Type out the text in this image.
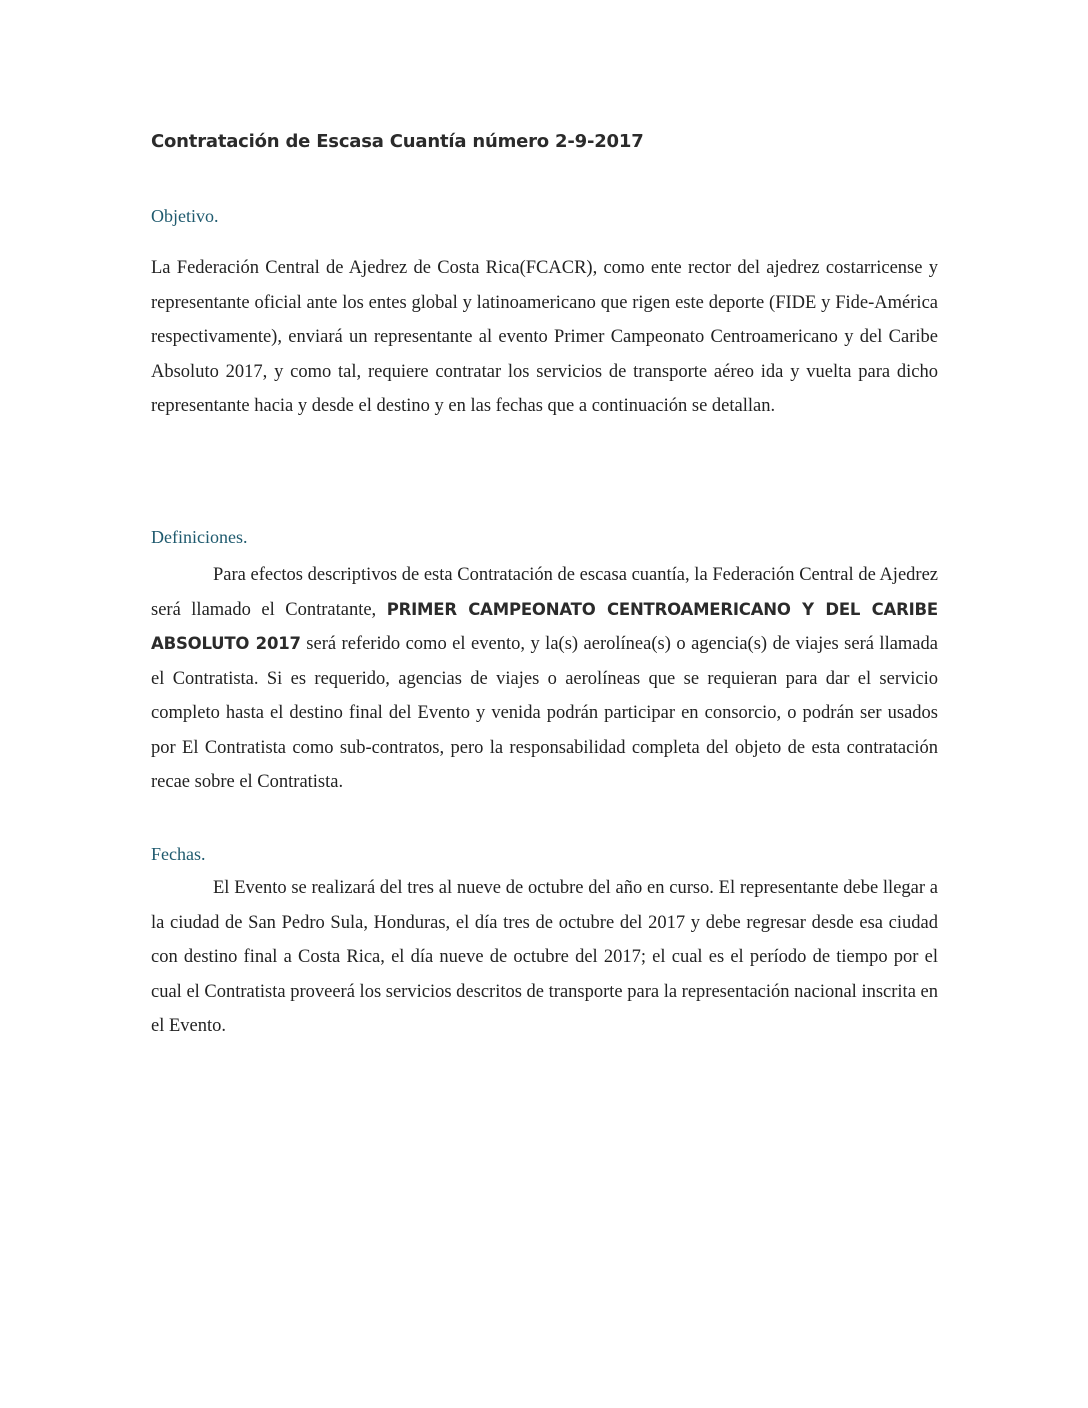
Contratación de Escasa Cuantía número 2-9-2017
Objetivo.

La Federación Central de Ajedrez de Costa Rica(FCACR), como ente rector del ajedrez costarricense y representante oficial ante los entes global y latinoamericano que rigen este deporte (FIDE y Fide-América respectivamente), enviará un representante al evento Primer Campeonato Centroamericano y del Caribe Absoluto 2017, y como tal, requiere contratar los servicios de transporte aéreo ida y vuelta para dicho representante hacia y desde el destino y en las fechas que a continuación se detallan.

Definiciones.

Para efectos descriptivos de esta Contratación de escasa cuantía, la Federación Central de Ajedrez será llamado el Contratante, PRIMER CAMPEONATO CENTROAMERICANO Y DEL CARIBE ABSOLUTO 2017 será referido como el evento, y la(s) aerolínea(s) o agencia(s) de viajes será llamada el Contratista. Si es requerido, agencias de viajes o aerolíneas que se requieran para dar el servicio completo hasta el destino final del Evento y venida podrán participar en consorcio, o podrán ser usados por El Contratista como sub-contratos, pero la responsabilidad completa del objeto de esta contratación recae sobre el Contratista.

Fechas.

El Evento se realizará del tres al nueve de octubre del año en curso. El representante debe llegar a la ciudad de San Pedro Sula, Honduras, el día tres de octubre del 2017 y debe regresar desde esa ciudad con destino final a Costa Rica, el día nueve de octubre del 2017; el cual es el período de tiempo por el cual el Contratista proveerá los servicios descritos de transporte para la representación nacional inscrita en el Evento.
